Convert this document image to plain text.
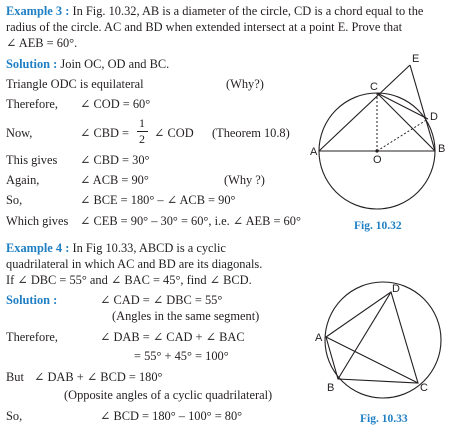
Example 3 : In Fig. 10.32, AB is a diameter of the circle, CD is a chord equal to the
radius of the circle. AC and BD when extended intersect at a point E. Prove that
∠ AEB = 60°.
Solution : Join OC, OD and BC.
Triangle ODC is equilateral	(Why?)
Therefore, ∠ COD = 60°
Now,	∠ CBD =
1
2 ∠ COD (Theorem 10.8)
This gives ∠ CBD = 30°
Again,	∠ ACB = 90°	(Why ?)
So,	∠ BCE = 180° – ∠ ACB = 90°
Which gives ∠ CEB = 90° – 30° = 60°, i.e. ∠ AEB = 60°
E
C
D
A	B
O
Fig. 10.32
Example 4 : In Fig 10.33, ABCD is a cyclic
quadrilateral in which AC and BD are its diagonals.
If ∠ DBC = 55° and ∠ BAC = 45°, find ∠ BCD.
Solution :	∠ CAD = ∠ DBC = 55°
(Angles in the same segment)
Therefore,	∠ DAB = ∠ CAD + ∠ BAC
= 55° + 45° = 100°
But ∠ DAB + ∠ BCD = 180°
(Opposite angles of a cyclic quadrilateral)
So,	∠ BCD = 180° – 100° = 80°
D
A
B	C
Fig. 10.33
